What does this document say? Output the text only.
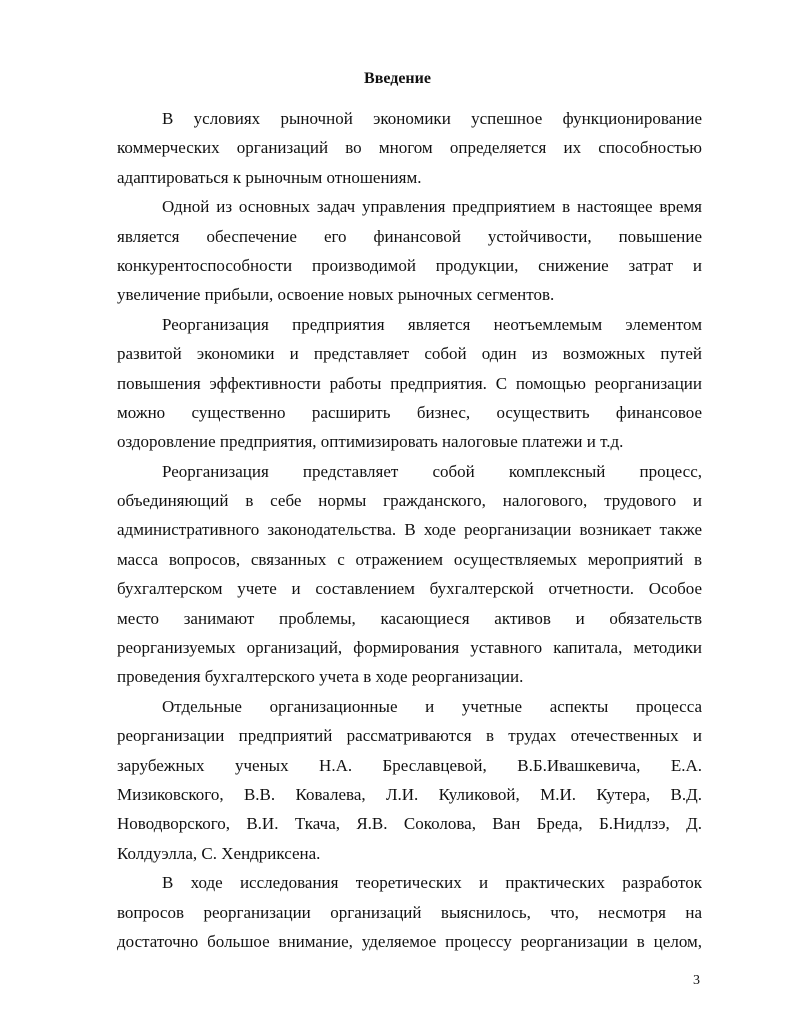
Введение
В условиях рыночной экономики успешное функционирование
коммерческих организаций во многом определяется их способностью
адаптироваться к рыночным отношениям.
Одной из основных задач управления предприятием в настоящее время
является обеспечение его финансовой устойчивости, повышение
конкурентоспособности производимой продукции, снижение затрат и
увеличение прибыли, освоение новых рыночных сегментов.
Реорганизация предприятия является неотъемлемым элементом
развитой экономики и представляет собой один из возможных путей
повышения эффективности работы предприятия. С помощью реорганизации
можно существенно расширить бизнес, осуществить финансовое
оздоровление предприятия, оптимизировать налоговые платежи и т.д.
Реорганизация представляет собой комплексный процесс,
объединяющий в себе нормы гражданского, налогового, трудового и
административного законодательства. В ходе реорганизации возникает также
масса вопросов, связанных с отражением осуществляемых мероприятий в
бухгалтерском учете и составлением бухгалтерской отчетности. Особое
место занимают проблемы, касающиеся активов и обязательств
реорганизуемых организаций, формирования уставного капитала, методики
проведения бухгалтерского учета в ходе реорганизации.
Отдельные организационные и учетные аспекты процесса
реорганизации предприятий рассматриваются в трудах отечественных и
зарубежных ученых Н.А. Бреславцевой, В.Б.Ивашкевича, Е.А.
Мизиковского, В.В. Ковалева, Л.И. Куликовой, М.И. Кутера, В.Д.
Новодворского, В.И. Ткача, Я.В. Соколова, Ван Бреда, Б.Нидлзэ, Д.
Колдуэлла, С. Хендриксена.
В ходе исследования теоретических и практических разработок
вопросов реорганизации организаций выяснилось, что, несмотря на
достаточно большое внимание, уделяемое процессу реорганизации в целом,
3
